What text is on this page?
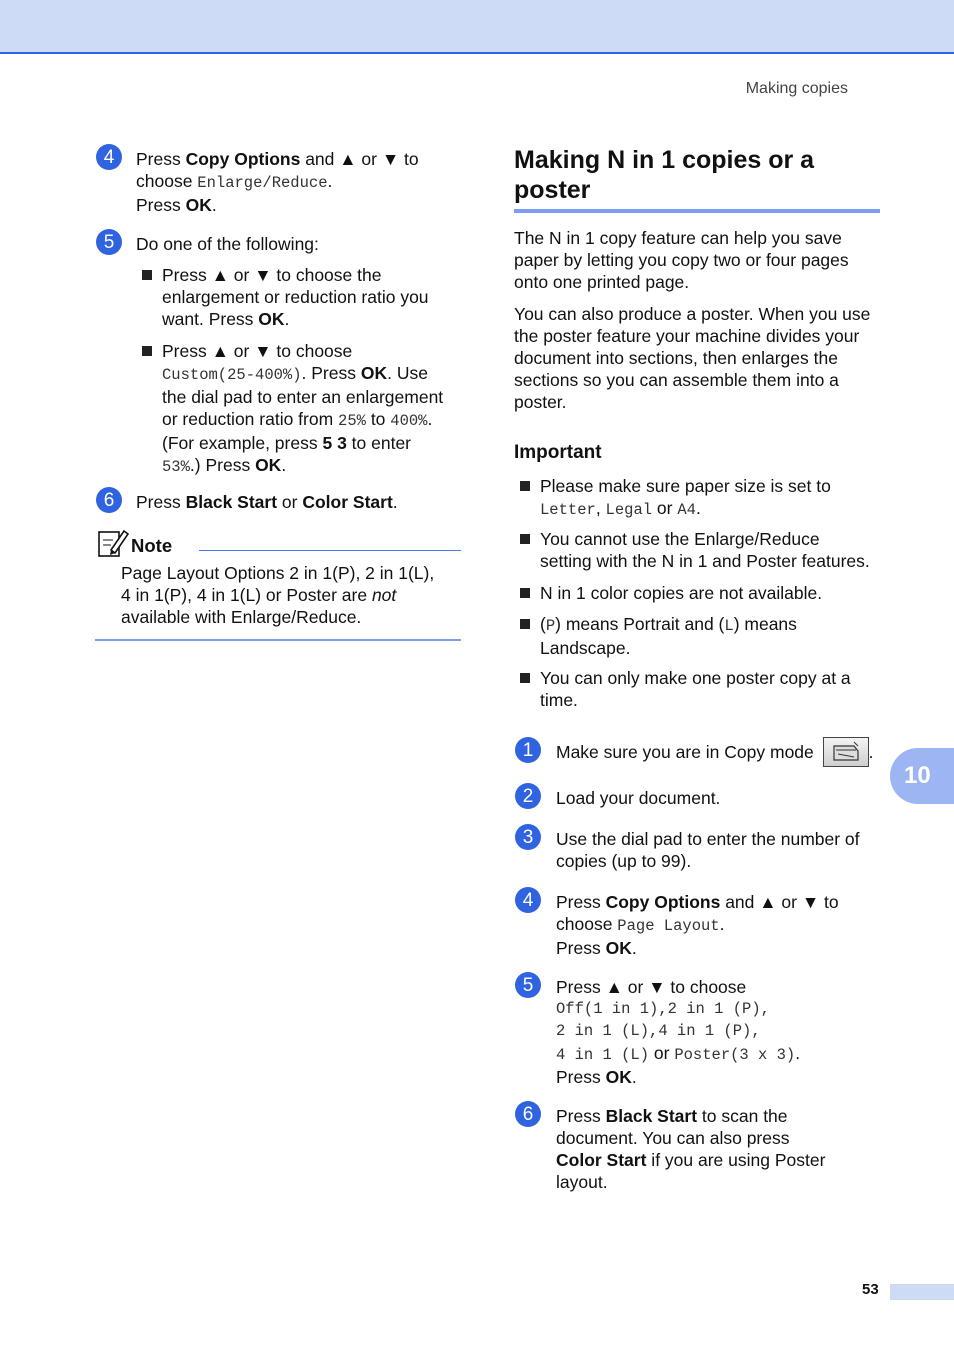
Making copies
4	Press Copy Options and ▲ or ▼ to
choose Enlarge/Reduce.
Press OK.
5	Do one of the following:
Press ▲ or ▼ to choose the
enlargement or reduction ratio you
want. Press OK.
Press ▲ or ▼ to choose
Custom(25-400%). Press OK. Use
the dial pad to enter an enlargement
or reduction ratio from 25% to 400%.
(For example, press 5 3 to enter
53%.) Press OK.
6	Press Black Start or Color Start.
Note
Page Layout Options 2 in 1(P), 2 in 1(L),
4 in 1(P), 4 in 1(L) or Poster are not
available with Enlarge/Reduce.
Making N in 1 copies or a poster
The N in 1 copy feature can help you save paper by letting you copy two or four pages onto one printed page.
You can also produce a poster. When you use the poster feature your machine divides your document into sections, then enlarges the sections so you can assemble them into a poster.
Important
Please make sure paper size is set to
Letter, Legal or A4.
You cannot use the Enlarge/Reduce
setting with the N in 1 and Poster features.
N in 1 color copies are not available.
(P) means Portrait and (L) means
Landscape.
You can only make one poster copy at a
time.
1	Make sure you are in Copy mode	.
2	Load your document.
3	Use the dial pad to enter the number of
copies (up to 99).
4	Press Copy Options and ▲ or ▼ to
choose Page Layout.
Press OK.
5	Press ▲ or ▼ to choose
Off(1 in 1),2 in 1 (P),
2 in 1 (L),4 in 1 (P),
4 in 1 (L) or Poster(3 x 3).
Press OK.
6	Press Black Start to scan the
document. You can also press
Color Start if you are using Poster
layout.
10
53
